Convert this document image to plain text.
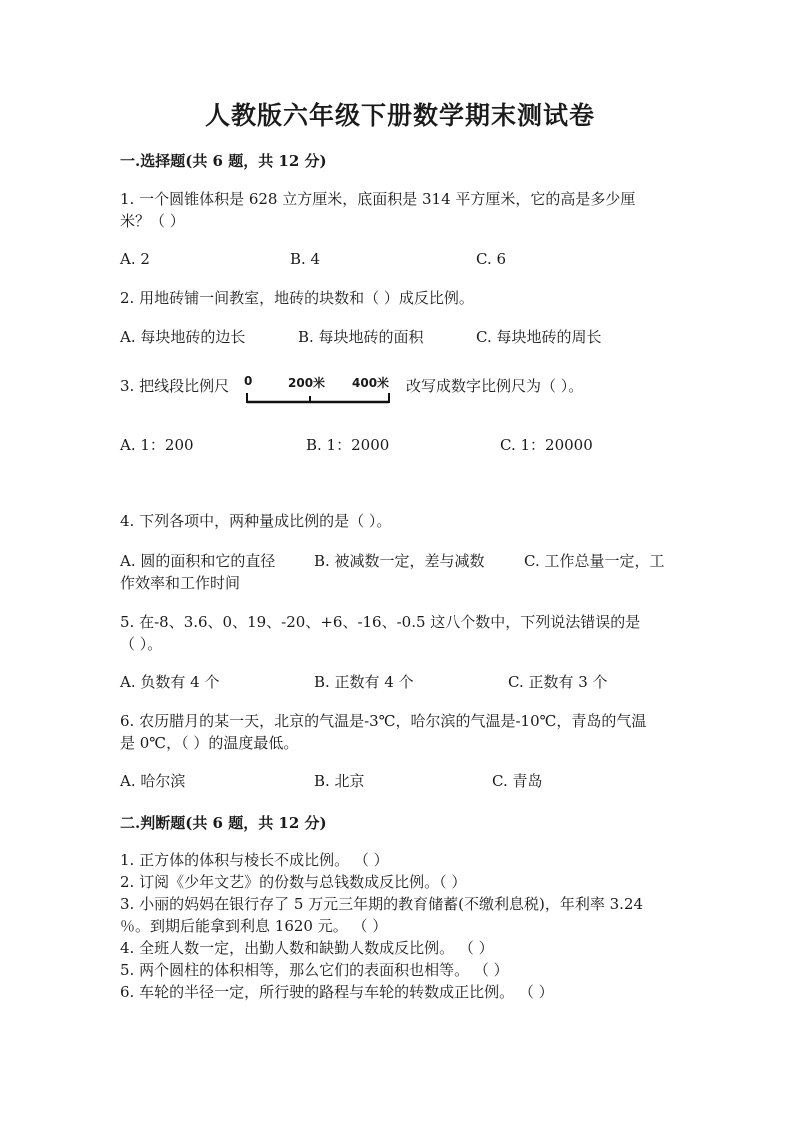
人教版六年级下册数学期末测试卷
一.选择题(共 6 题，共 12 分)
1. 一个圆锥体积是 628 立方厘米，底面积是 314 平方厘米，它的高是多少厘
米？（ ）
A. 2	B. 4	C. 6
2. 用地砖铺一间教室，地砖的块数和（ ）成反比例。
A. 每块地砖的边长	B. 每块地砖的面积	C. 每块地砖的周长
3. 把线段比例尺	0	200米 400米 改写成数字比例尺为（ ）。
A. 1：200	B. 1：2000	C. 1：20000
4. 下列各项中，两种量成比例的是（ ）。
A. 圆的面积和它的直径	B. 被减数一定，差与减数	C. 工作总量一定，工
作效率和工作时间
5. 在-8、3.6、0、19、-20、+6、-16、-0.5 这八个数中，下列说法错误的是
（ ）。
A. 负数有 4 个	B. 正数有 4 个	C. 正数有 3 个
6. 农历腊月的某一天，北京的气温是-3℃，哈尔滨的气温是-10℃，青岛的气温
是 0℃，（ ）的温度最低。
A. 哈尔滨	B. 北京	C. 青岛
二.判断题(共 6 题，共 12 分)
1. 正方体的体积与棱长不成比例。 （ ）
2. 订阅《少年文艺》的份数与总钱数成反比例。（ ）
3. 小丽的妈妈在银行存了 5 万元三年期的教育储蓄(不缴利息税)，年利率 3.24
％。到期后能拿到利息 1620 元。 （ ）
4. 全班人数一定，出勤人数和缺勤人数成反比例。 （ ）
5. 两个圆柱的体积相等，那么它们的表面积也相等。 （ ）
6. 车轮的半径一定，所行驶的路程与车轮的转数成正比例。 （ ）
